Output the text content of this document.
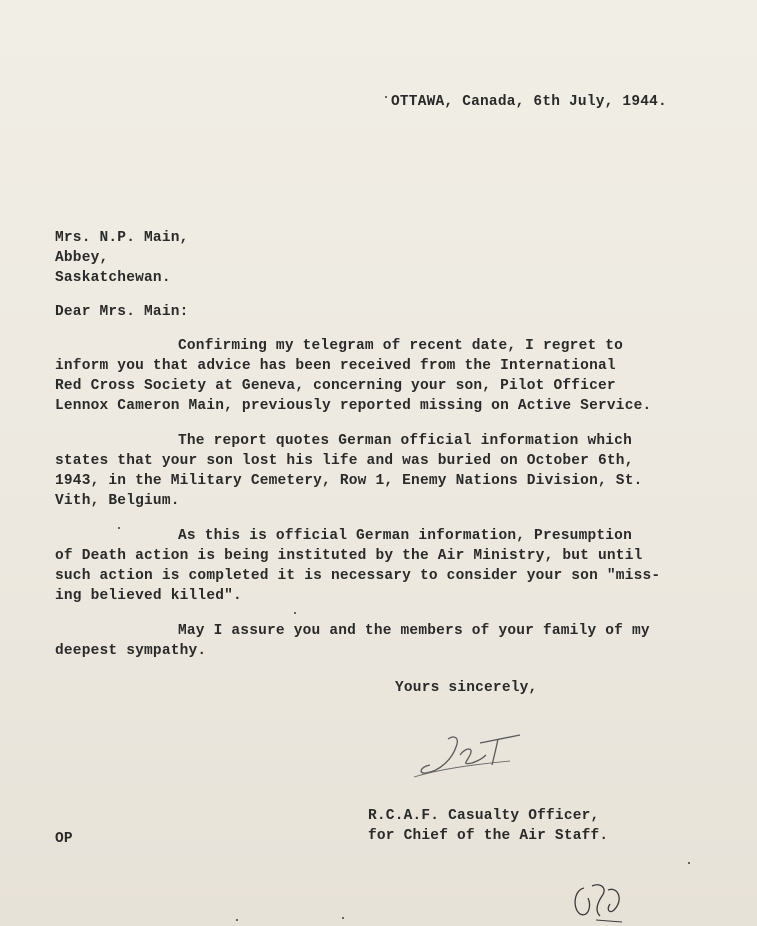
OTTAWA, Canada, 6th July, 1944.
Mrs. N.P. Main,
Abbey,
Saskatchewan.
Dear Mrs. Main:
Confirming my telegram of recent date, I regret to
inform you that advice has been received from the International
Red Cross Society at Geneva, concerning your son, Pilot Officer
Lennox Cameron Main, previously reported missing on Active Service.
The report quotes German official information which
states that your son lost his life and was buried on October 6th,
1943, in the Military Cemetery, Row 1, Enemy Nations Division, St.
Vith, Belgium.
As this is official German information, Presumption
of Death action is being instituted by the Air Ministry, but until
such action is completed it is necessary to consider your son "miss-
ing believed killed".
May I assure you and the members of your family of my
deepest sympathy.
Yours sincerely,
R.C.A.F. Casualty Officer,
for Chief of the Air Staff.
OP
